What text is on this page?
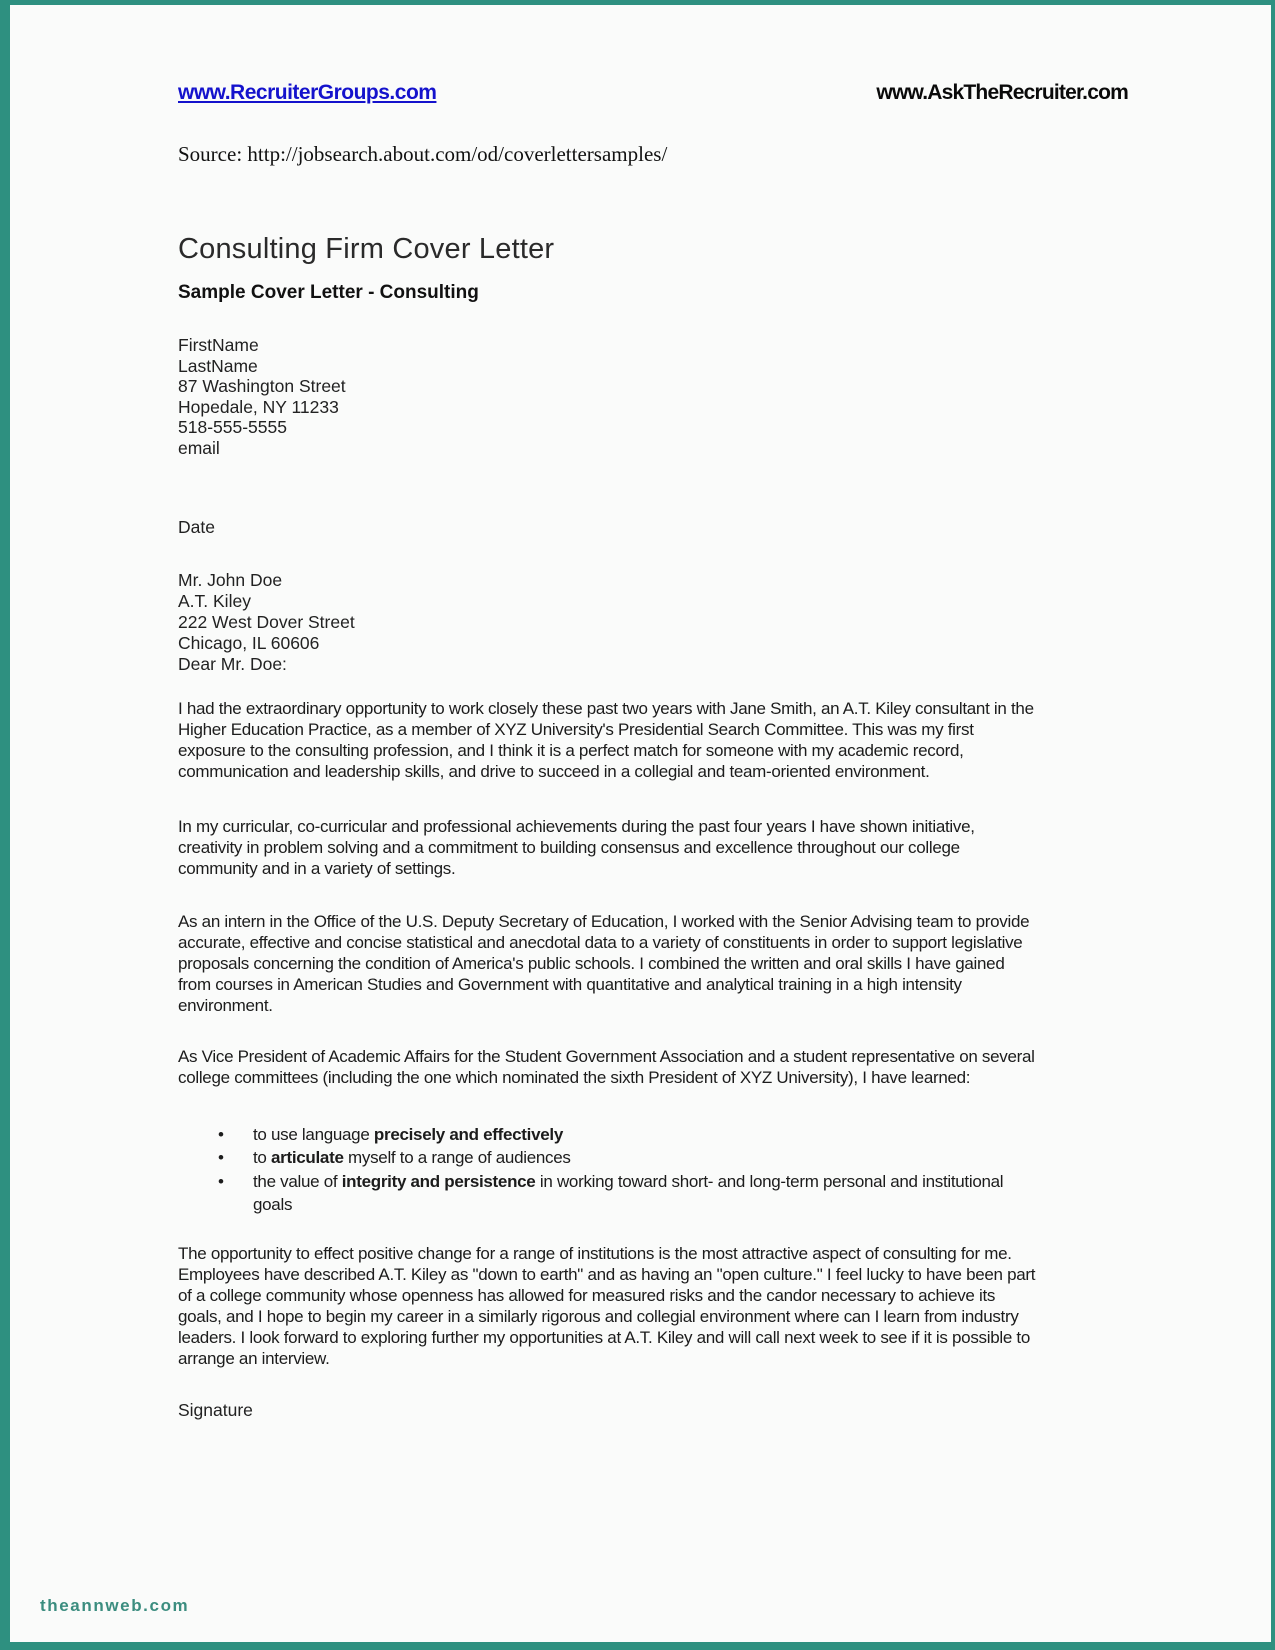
www.RecruiterGroups.com	www.AskTheRecruiter.com
Source: http://jobsearch.about.com/od/coverlettersamples/
Consulting Firm Cover Letter
Sample Cover Letter - Consulting
FirstName
LastName
87 Washington Street
Hopedale, NY 11233
518-555-5555
email
Date
Mr. John Doe
A.T. Kiley
222 West Dover Street
Chicago, IL 60606
Dear Mr. Doe:

I had the extraordinary opportunity to work closely these past two years with Jane Smith, an A.T. Kiley consultant in the Higher Education Practice, as a member of XYZ University's Presidential Search Committee. This was my first exposure to the consulting profession, and I think it is a perfect match for someone with my academic record, communication and leadership skills, and drive to succeed in a collegial and team-oriented environment.

In my curricular, co-curricular and professional achievements during the past four years I have shown initiative, creativity in problem solving and a commitment to building consensus and excellence throughout our college community and in a variety of settings.

As an intern in the Office of the U.S. Deputy Secretary of Education, I worked with the Senior Advising team to provide accurate, effective and concise statistical and anecdotal data to a variety of constituents in order to support legislative proposals concerning the condition of America's public schools. I combined the written and oral skills I have gained from courses in American Studies and Government with quantitative and analytical training in a high intensity environment.

As Vice President of Academic Affairs for the Student Government Association and a student representative on several college committees (including the one which nominated the sixth President of XYZ University), I have learned:

• to use language precisely and effectively
• to articulate myself to a range of audiences
• the value of integrity and persistence in working toward short- and long-term personal and institutional goals

The opportunity to effect positive change for a range of institutions is the most attractive aspect of consulting for me. Employees have described A.T. Kiley as "down to earth" and as having an "open culture." I feel lucky to have been part of a college community whose openness has allowed for measured risks and the candor necessary to achieve its goals, and I hope to begin my career in a similarly rigorous and collegial environment where can I learn from industry leaders. I look forward to exploring further my opportunities at A.T. Kiley and will call next week to see if it is possible to arrange an interview.

Signature
theannweb.com
